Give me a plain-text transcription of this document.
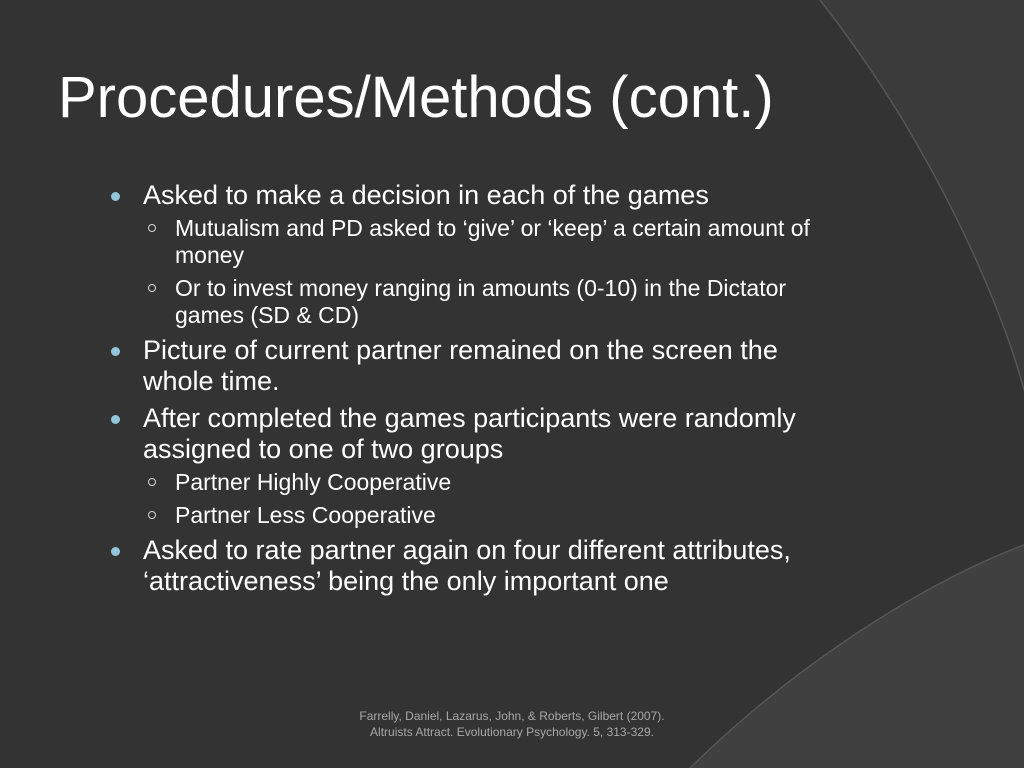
Procedures/Methods (cont.)
Asked to make a decision in each of the games
Mutualism and PD asked to ‘give’ or ‘keep’ a certain amount of money
Or to invest money ranging in amounts (0-10) in the Dictator games (SD & CD)
Picture of current partner remained on the screen the whole time.
After completed the games participants were randomly assigned to one of two groups
Partner Highly Cooperative
Partner Less Cooperative
Asked to rate partner again on four different attributes, ‘attractiveness’ being the only important one

Farrelly, Daniel, Lazarus, John, & Roberts, Gilbert (2007). Altruists Attract. Evolutionary Psychology. 5, 313-329.
